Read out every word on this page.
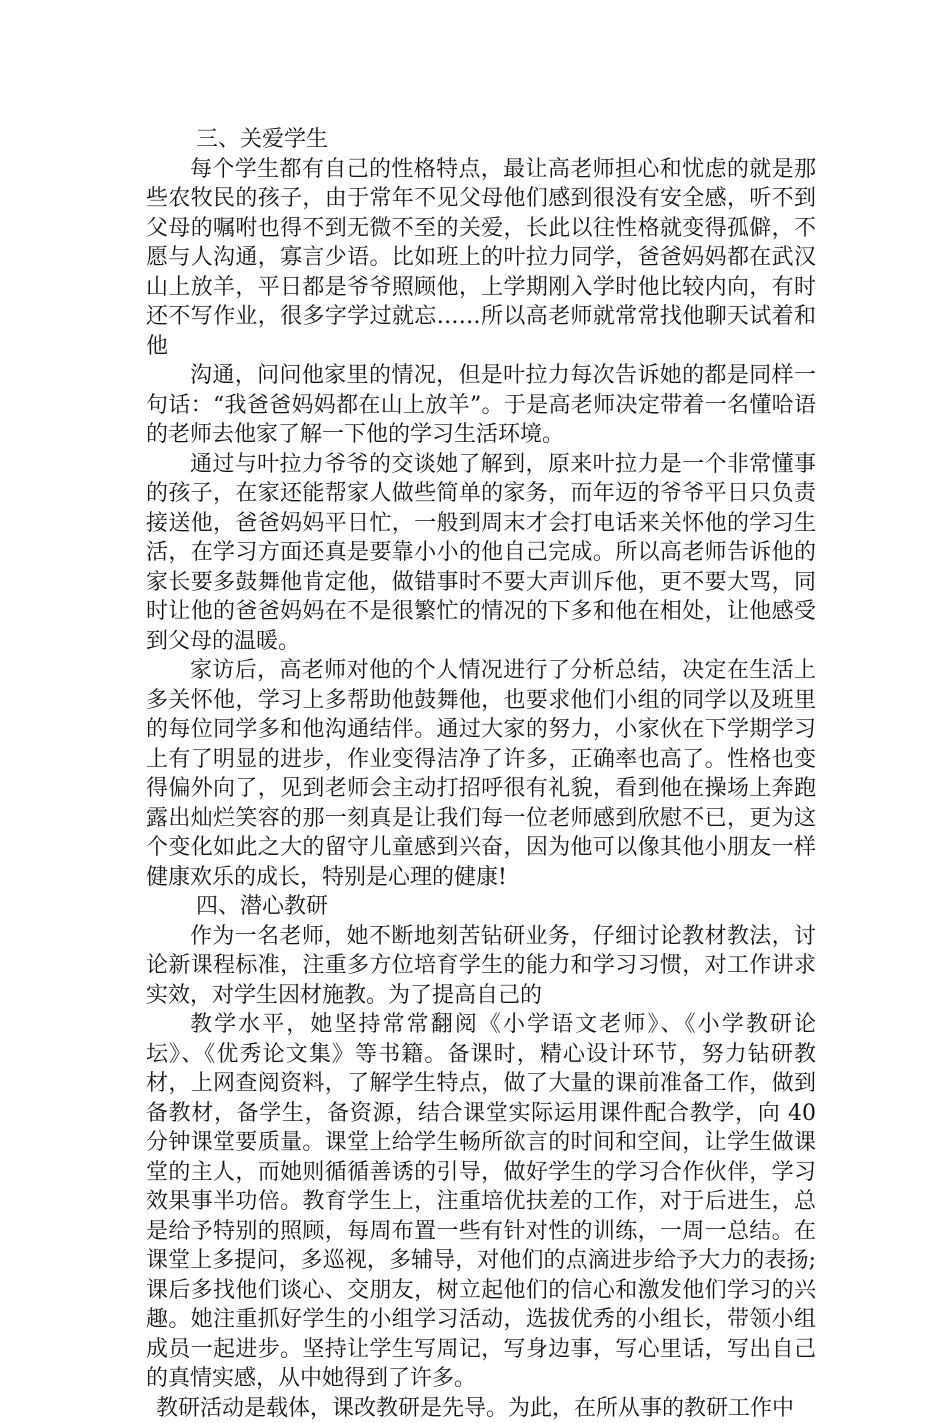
三、关爱学生

每个学生都有自己的性格特点，最让高老师担心和忧虑的就是那些农牧民的孩子，由于常年不见父母他们感到很没有安全感，听不到父母的嘱咐也得不到无微不至的关爱，长此以往性格就变得孤僻，不愿与人沟通，寡言少语。比如班上的叶拉力同学，爸爸妈妈都在武汉山上放羊，平日都是爷爷照顾他，上学期刚入学时他比较内向，有时还不写作业，很多字学过就忘……所以高老师就常常找他聊天试着和他

沟通，问问他家里的情况，但是叶拉力每次告诉她的都是同样一句话：“我爸爸妈妈都在山上放羊”。于是高老师决定带着一名懂哈语的老师去他家了解一下他的学习生活环境。

通过与叶拉力爷爷的交谈她了解到，原来叶拉力是一个非常懂事的孩子，在家还能帮家人做些简单的家务，而年迈的爷爷平日只负责接送他，爸爸妈妈平日忙，一般到周末才会打电话来关怀他的学习生活，在学习方面还真是要靠小小的他自己完成。所以高老师告诉他的家长要多鼓舞他肯定他，做错事时不要大声训斥他，更不要大骂，同时让他的爸爸妈妈在不是很繁忙的情况的下多和他在相处，让他感受到父母的温暖。

家访后，高老师对他的个人情况进行了分析总结，决定在生活上多关怀他，学习上多帮助他鼓舞他，也要求他们小组的同学以及班里的每位同学多和他沟通结伴。通过大家的努力，小家伙在下学期学习上有了明显的进步，作业变得洁净了许多，正确率也高了。性格也变得偏外向了，见到老师会主动打招呼很有礼貌，看到他在操场上奔跑露出灿烂笑容的那一刻真是让我们每一位老师感到欣慰不已，更为这个变化如此之大的留守儿童感到兴奋，因为他可以像其他小朋友一样健康欢乐的成长，特别是心理的健康!

四、潜心教研

作为一名老师，她不断地刻苦钻研业务，仔细讨论教材教法，讨论新课程标准，注重多方位培育学生的能力和学习习惯，对工作讲求实效，对学生因材施教。为了提高自己的

教学水平，她坚持常常翻阅《小学语文老师》、《小学教研论坛》、《优秀论文集》等书籍。备课时，精心设计环节，努力钻研教材，上网查阅资料，了解学生特点，做了大量的课前准备工作，做到备教材，备学生，备资源，结合课堂实际运用课件配合教学，向 40 分钟课堂要质量。课堂上给学生畅所欲言的时间和空间，让学生做课堂的主人，而她则循循善诱的引导，做好学生的学习合作伙伴，学习效果事半功倍。教育学生上，注重培优扶差的工作，对于后进生，总是给予特别的照顾，每周布置一些有针对性的训练，一周一总结。在课堂上多提问，多巡视，多辅导，对他们的点滴进步给予大力的表扬;课后多找他们谈心、交朋友，树立起他们的信心和激发他们学习的兴趣。她注重抓好学生的小组学习活动，选拔优秀的小组长，带领小组成员一起进步。坚持让学生写周记，写身边事，写心里话，写出自己的真情实感，从中她得到了许多。

教研活动是载体，课改教研是先导。为此，在所从事的教研工作中
